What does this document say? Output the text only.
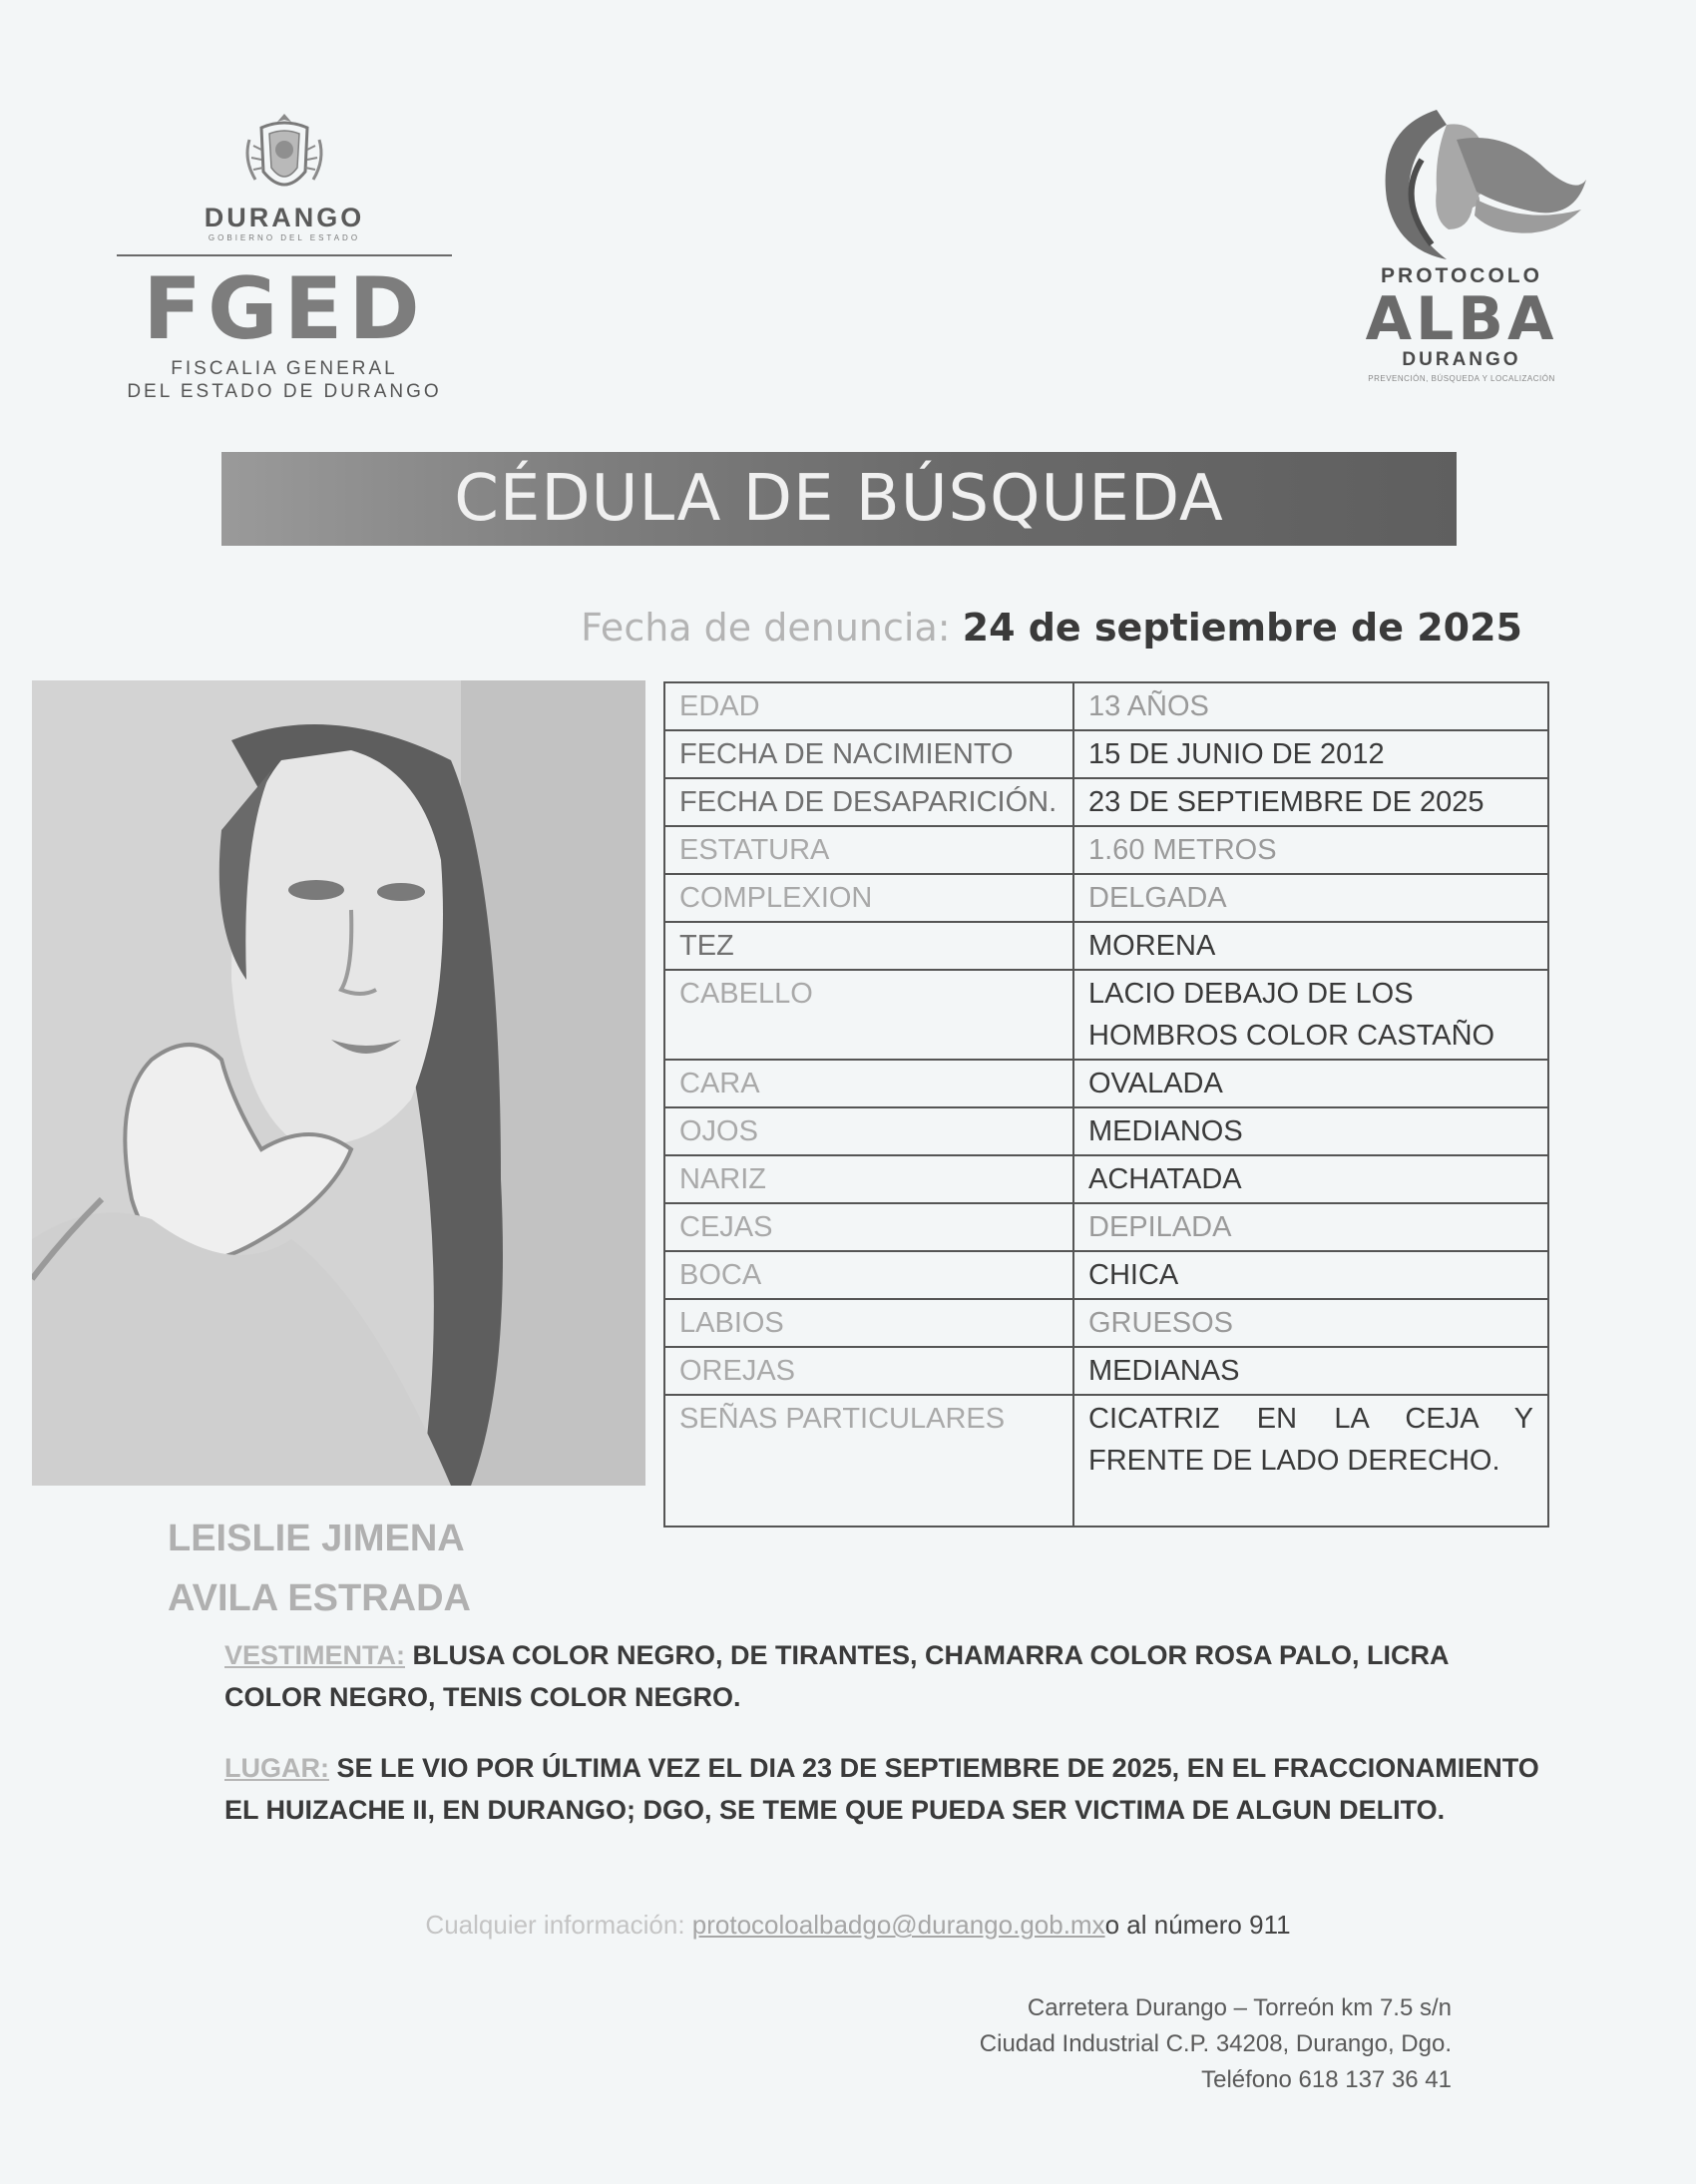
DURANGO
GOBIERNO DEL ESTADO
FGED
FISCALIA GENERAL
DEL ESTADO DE DURANGO
PROTOCOLO
ALBA
DURANGO
PREVENCIÓN, BÚSQUEDA Y LOCALIZACIÓN
CÉDULA DE BÚSQUEDA
Fecha de denuncia: 24 de septiembre de 2025
EDAD	13 AÑOS
FECHA DE NACIMIENTO	15 DE JUNIO DE 2012
FECHA DE DESAPARICIÓN.	23 DE SEPTIEMBRE DE 2025
ESTATURA	1.60 METROS
COMPLEXION	DELGADA
TEZ	MORENA
CABELLO	LACIO DEBAJO DE LOS HOMBROS COLOR CASTAÑO
CARA	OVALADA
OJOS	MEDIANOS
NARIZ	ACHATADA
CEJAS	DEPILADA
BOCA	CHICA
LABIOS	GRUESOS
OREJAS	MEDIANAS
SEÑAS PARTICULARES	CICATRIZ EN LA CEJA Y FRENTE DE LADO DERECHO.
LEISLIE JIMENA
AVILA ESTRADA
VESTIMENTA: BLUSA COLOR NEGRO, DE TIRANTES, CHAMARRA COLOR ROSA PALO, LICRA COLOR NEGRO, TENIS COLOR NEGRO.
LUGAR: SE LE VIO POR ÚLTIMA VEZ EL DIA 23 DE SEPTIEMBRE DE 2025, EN EL FRACCIONAMIENTO EL HUIZACHE II, EN DURANGO; DGO, SE TEME QUE PUEDA SER VICTIMA DE ALGUN DELITO.
Cualquier información: protocoloalbadgo@durango.gob.mxo al número 911
Carretera Durango – Torreón km 7.5 s/n
Ciudad Industrial C.P. 34208, Durango, Dgo.
Teléfono 618 137 36 41
